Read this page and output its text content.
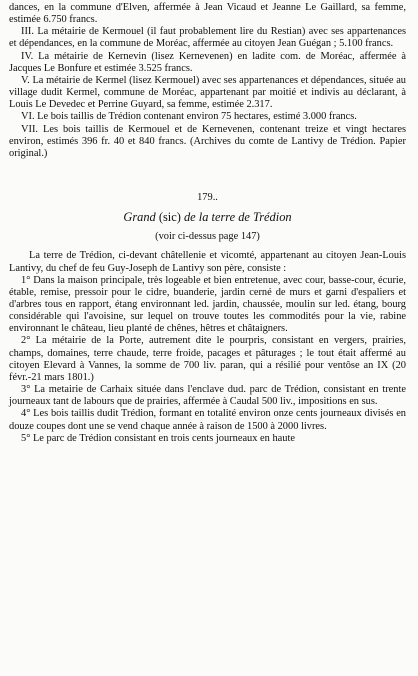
dances, en la commune d'Elven, affermée à Jean Vicaud et Jeanne Le Gaillard, sa femme, estimée 6.750 francs.

III. La métairie de Kermouel (il faut probablement lire du Restian) avec ses appartenances et dépendances, en la commune de Moréac, affermée au citoyen Jean Guégan ; 5.100 francs.

IV. La métairie de Kernevin (lisez Kernevenen) en ladite com. de Moréac, affermée à Jacques Le Bonfure et estimée 3.525 francs.

V. La métairie de Kermel (lisez Kermouel) avec ses appartenances et dépendances, située au village dudit Kermel, commune de Moréac, appartenant par moitié et indivis au déclarant, à Louis Le Devedec et Perrine Guyard, sa femme, estimée 2.317.

VI. Le bois taillis de Trédion contenant environ 75 hectares, estimé 3.000 francs.

VII. Les bois taillis de Kermouel et de Kernevenen, contenant treize et vingt hectares environ, estimés 396 fr. 40 et 840 francs. (Archives du comte de Lantivy de Trédion. Papier original.)

179..

Grand (sic) de la terre de Trédion

(voir ci-dessus page 147)

La terre de Trédion, ci-devant châtellenie et vicomté, appartenant au citoyen Jean-Louis Lantivy, du chef de feu Guy-Joseph de Lantivy son père, consiste :

1° Dans la maison principale, très logeable et bien entretenue, avec cour, basse-cour, écurie, étable, remise, pressoir pour le cidre, buanderie, jardin cerné de murs et garni d'espaliers et d'arbres tous en rapport, étang environnant led. jardin, chaussée, moulin sur led. étang, bourg considérable qui l'avoisine, sur lequel on trouve toutes les commodités pour la vie, rabine environnant le château, lieu planté de chênes, hêtres et châtaigners.

2° La métairie de la Porte, autrement dite le pourpris, consistant en vergers, prairies, champs, domaines, terre chaude, terre froide, pacages et pâturages ; le tout était affermé au citoyen Elevard à Vannes, la somme de 700 liv. paran, qui a résilié pour ventôse an IX (20 févr.-21 mars 1801.)

3° La metairie de Carhaix située dans l'enclave dud. parc de Trédion, consistant en trente journeaux tant de labours que de prairies, affermée à Caudal 500 liv., impositions en sus.

4° Les bois taillis dudit Trédion, formant en totalité environ onze cents journeaux divisés en douze coupes dont une se vend chaque année à raison de 1500 à 2000 livres.

5° Le parc de Trédion consistant en trois cents journeaux en haute
